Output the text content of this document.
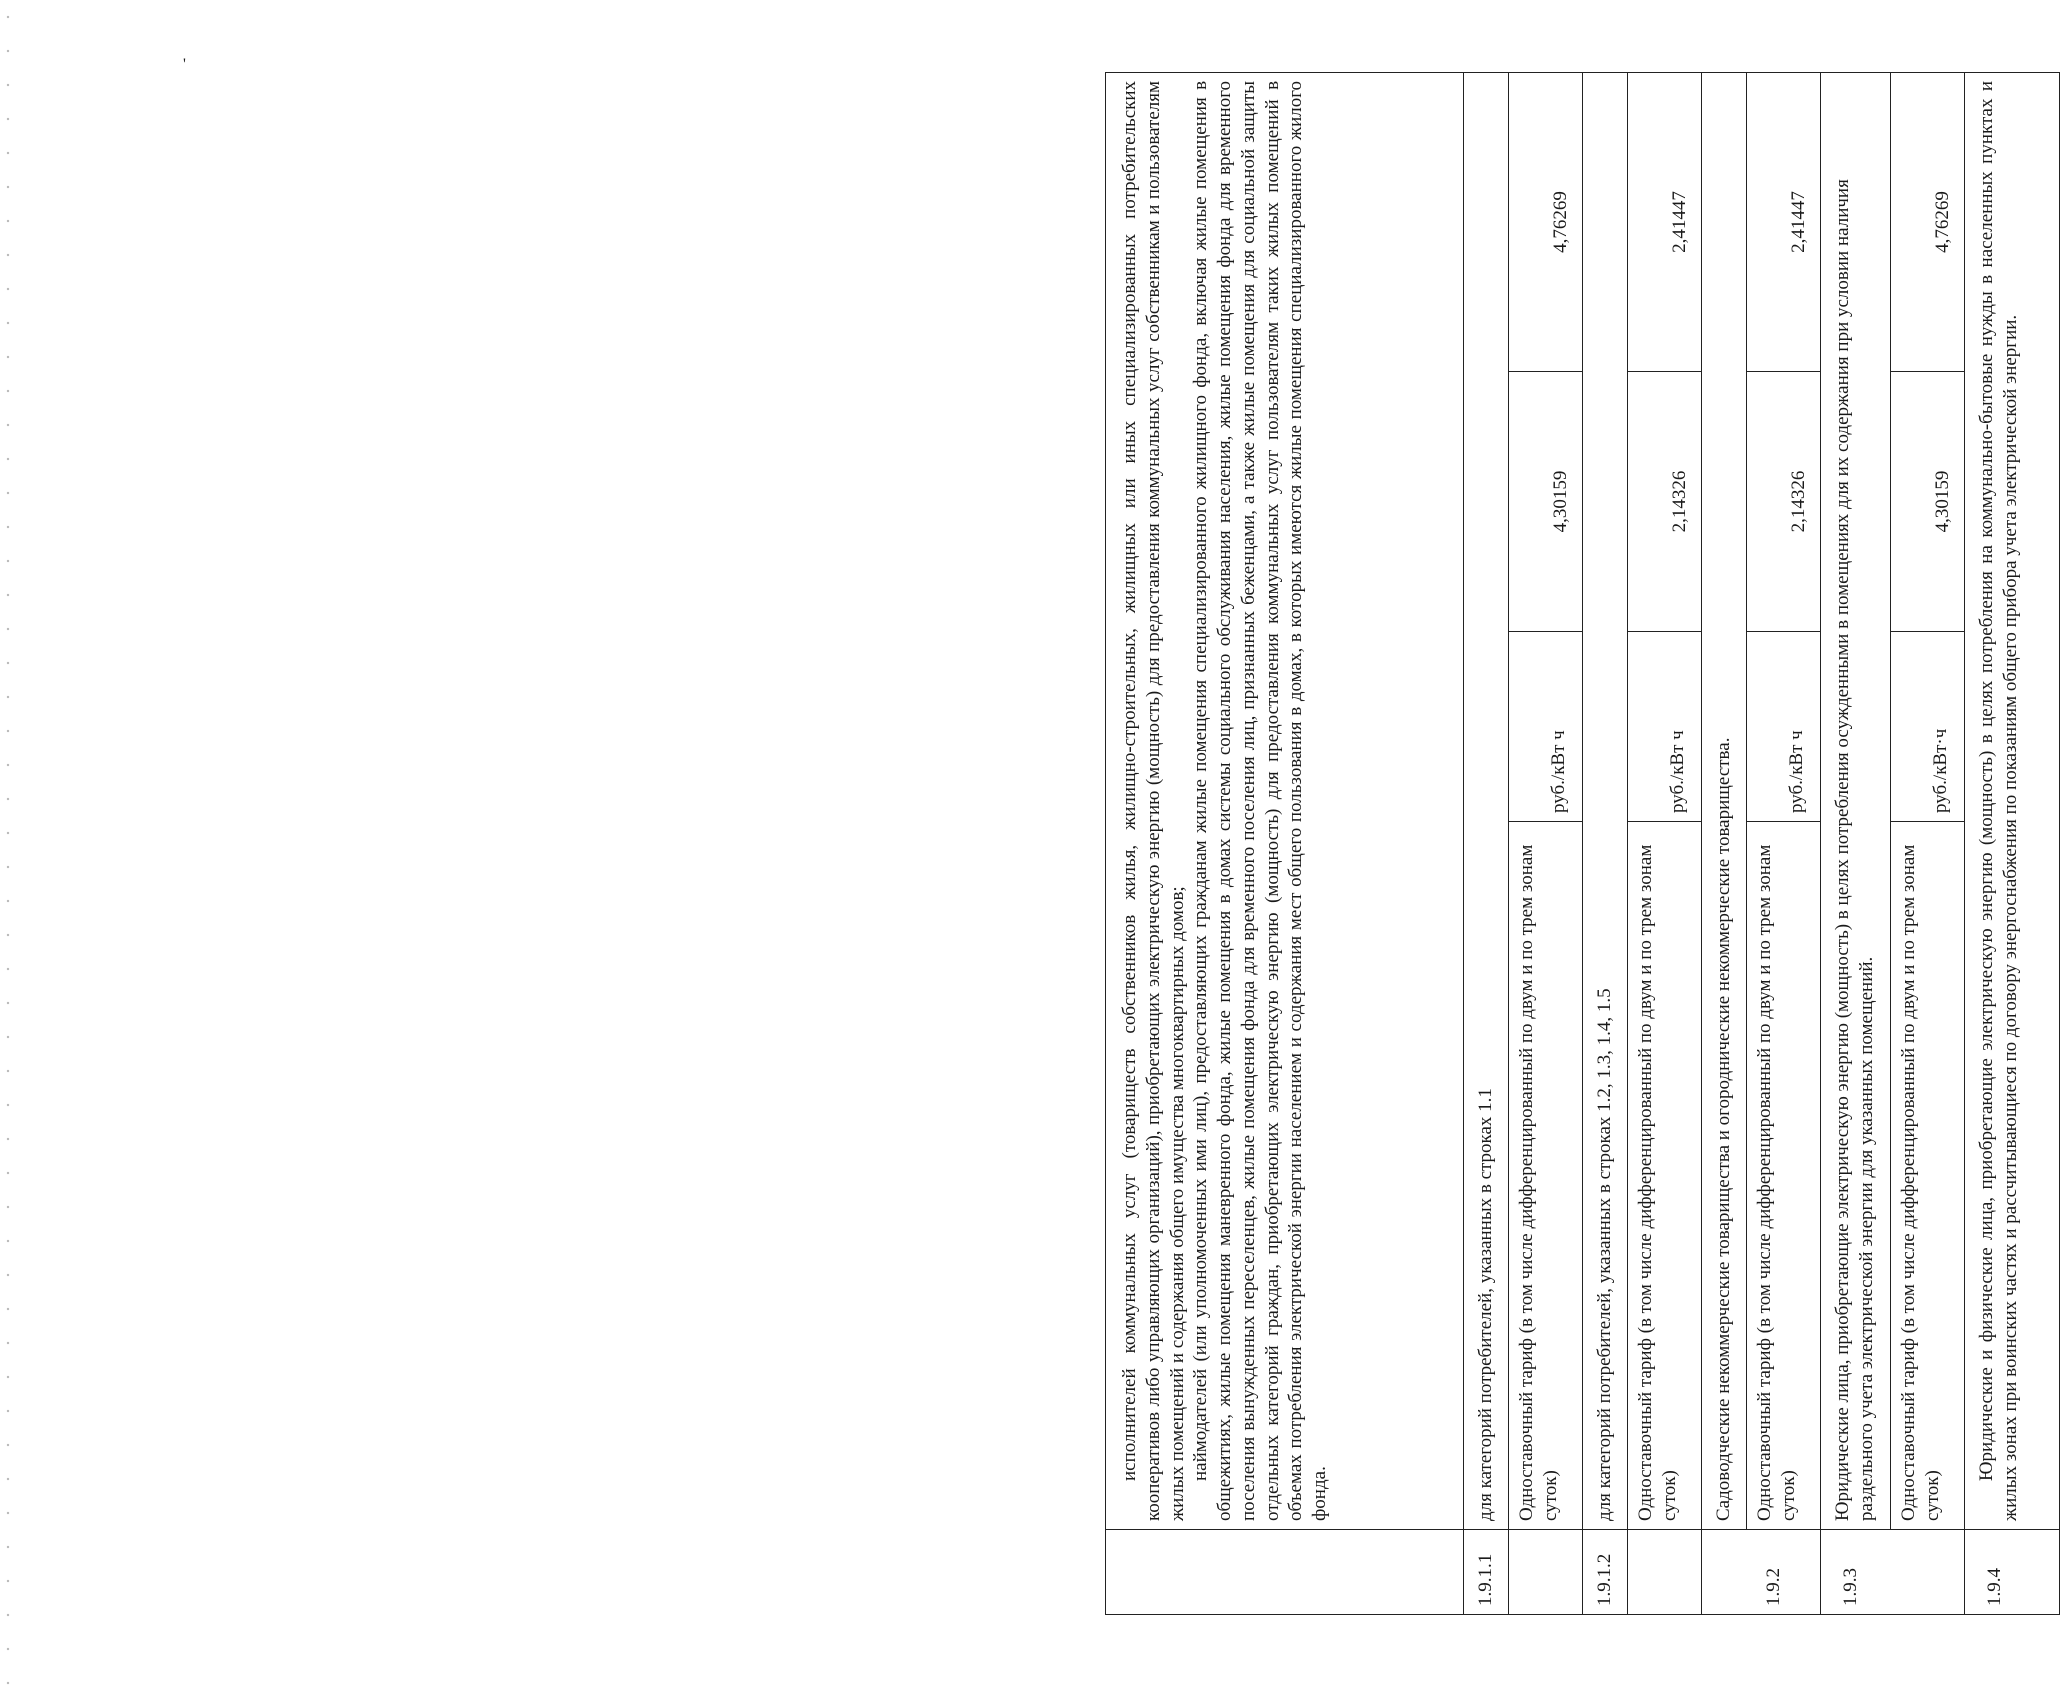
'

	исполнителей коммунальных услуг (товариществ собственников жилья, жилищно-строительных, жилищных или иных специализированных потребительских кооперативов либо управляющих организаций), приобретающих электрическую энергию (мощность) для предоставления коммунальных услуг собственникам и пользователям жилых помещений и содержания общего имущества многоквартирных домов; наймодателей (или уполномоченных ими лиц), предоставляющих гражданам жилые помещения специализированного жилищного фонда, включая жилые помещения в общежитиях, жилые помещения маневренного фонда, жилые помещения в домах системы социального обслуживания населения, жилые помещения фонда для временного поселения вынужденных переселенцев, жилые помещения фонда для временного поселения лиц, признанных беженцами, а также жилые помещения для социальной защиты отдельных категорий граждан, приобретающих электрическую энергию (мощность) для предоставления коммунальных услуг пользователям таких жилых помещений в объемах потребления электрической энергии населением и содержания мест общего пользования в домах, в которых имеются жилые помещения специализированного жилого фонда.			

1.9.1.1	для категорий потребителей, указанных в строках 1.1			
	Одноставочный тариф (в том числе дифференцированный по двум и по трем зонам суток)	руб./кВт ч	4,30159	4,76269
1.9.1.2	для категорий потребителей, указанных в строках 1.2, 1.3, 1.4, 1.5			
	Одноставочный тариф (в том числе дифференцированный по двум и по трем зонам суток)	руб./кВт ч	2,14326	2,41447
1.9.2	Садоводческие некоммерческие товарищества и огороднические некоммерческие товарищества.			
	Одноставочный тариф (в том числе дифференцированный по двум и по трем зонам суток)	руб./кВт ч	2,14326	2,41447
1.9.3	Юридические лица, приобретающие электрическую энергию (мощность) в целях потребления осужденными в помещениях для их содержания при условии наличия раздельного учета электрической энергии для указанных помещений.			
	Одноставочный тариф (в том числе дифференцированный по двум и по трем зонам суток)	руб./кВт·ч	4,30159	4,76269
1.9.4	Юридические и физические лица, приобретающие электрическую энергию (мощность) в целях потребления на коммунально-бытовые нужды в населенных пунктах и жилых зонах при воинских частях и рассчитывающиеся по договору энергоснабжения по показаниям общего прибора учета электрической энергии.			
